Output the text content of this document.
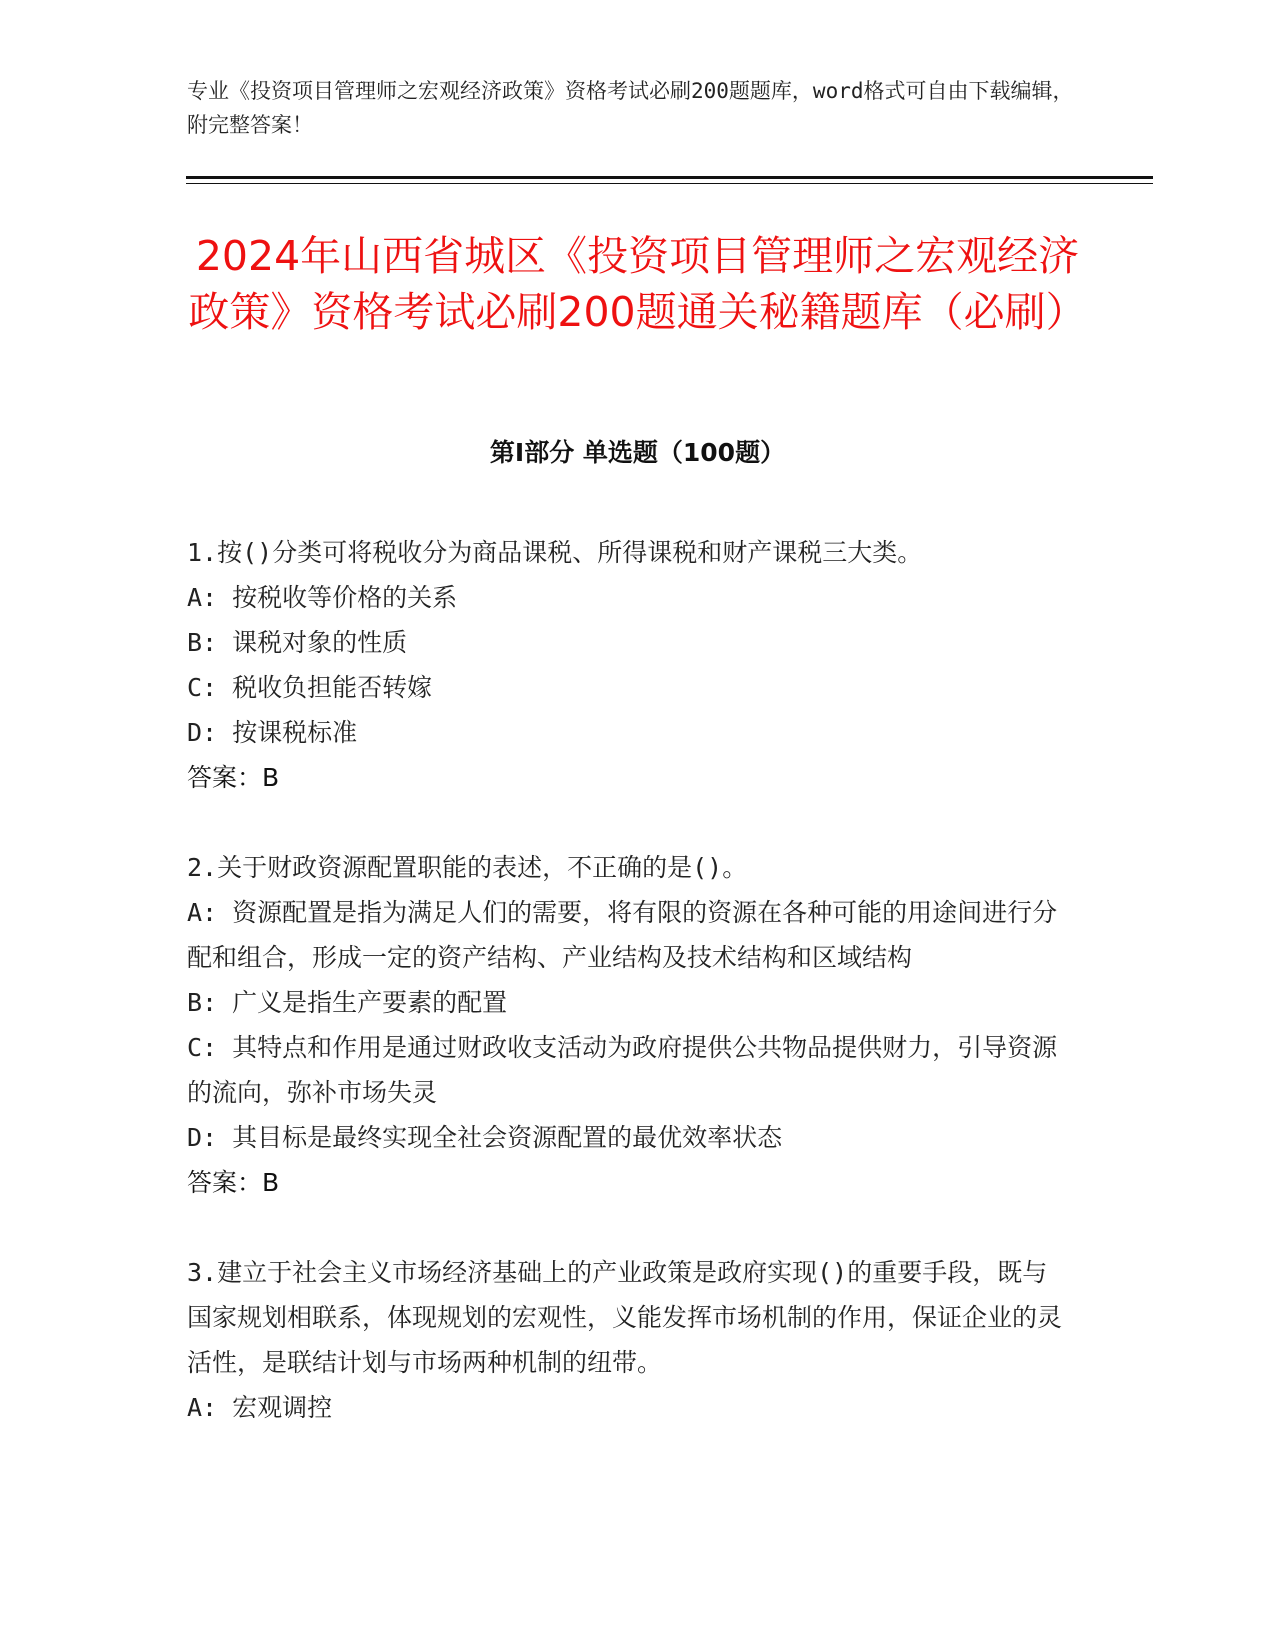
专业《投资项目管理师之宏观经济政策》资格考试必刷200题题库，word格式可自由下载编辑，附完整答案！
2024年山西省城区《投资项目管理师之宏观经济政策》资格考试必刷200题通关秘籍题库（必刷）
第I部分 单选题（100题）

1.按()分类可将税收分为商品课税、所得课税和财产课税三大类。

A: 按税收等价格的关系

B: 课税对象的性质

C: 税收负担能否转嫁

D: 按课税标准

答案：B

2.关于财政资源配置职能的表述，不正确的是()。

A: 资源配置是指为满足人们的需要，将有限的资源在各种可能的用途间进行分配和组合，形成一定的资产结构、产业结构及技术结构和区域结构

B: 广义是指生产要素的配置

C: 其特点和作用是通过财政收支活动为政府提供公共物品提供财力，引导资源的流向，弥补市场失灵

D: 其目标是最终实现全社会资源配置的最优效率状态

答案：B

3.建立于社会主义市场经济基础上的产业政策是政府实现()的重要手段，既与国家规划相联系，体现规划的宏观性，义能发挥市场机制的作用，保证企业的灵活性，是联结计划与市场两种机制的纽带。

A: 宏观调控
